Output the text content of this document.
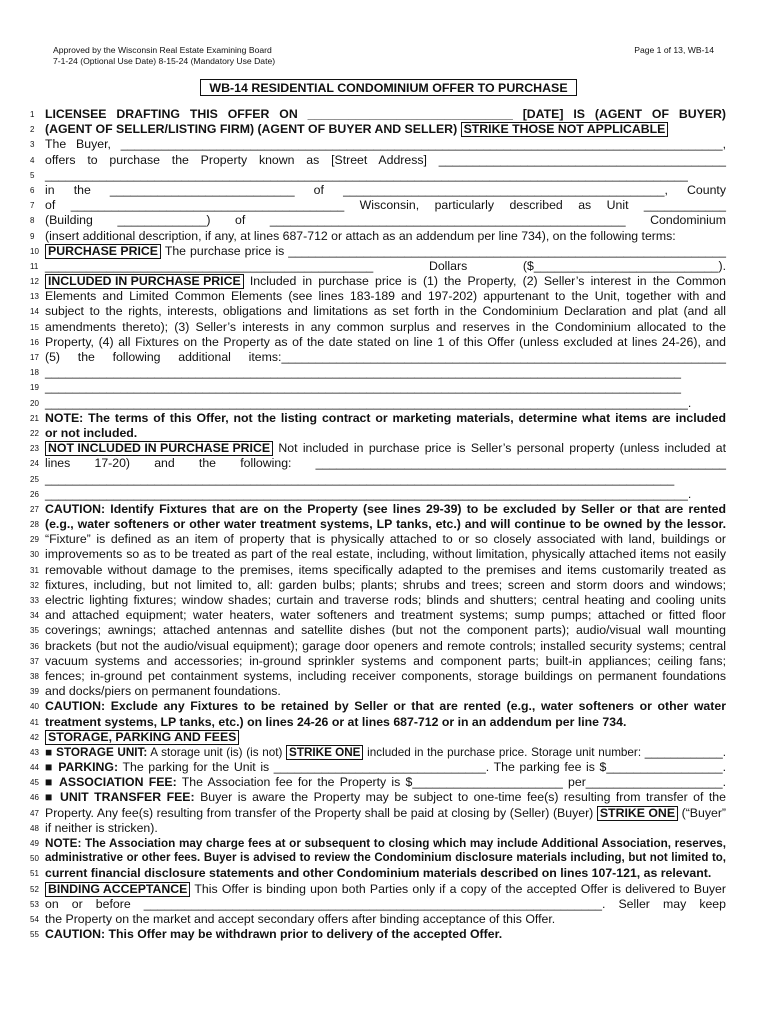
Approved by the Wisconsin Real Estate Examining Board
7-1-24 (Optional Use Date) 8-15-24 (Mandatory Use Date)
Page 1 of 13, WB-14
WB-14 RESIDENTIAL CONDOMINIUM OFFER TO PURCHASE
1 LICENSEE DRAFTING THIS OFFER ON ______________________________ [DATE] IS (AGENT OF BUYER)
2 (AGENT OF SELLER/LISTING FIRM) (AGENT OF BUYER AND SELLER) STRIKE THOSE NOT APPLICABLE
3 The Buyer, ________________________________________________________________________________________,
4 offers to purchase the Property known as [Street Address] __________________________________________
5 ______________________________________________________________________________________________
6 in the ___________________________ of _______________________________________________, County
7 of ________________________________________ Wisconsin, particularly described as Unit ____________
8 (Building _____________) of ____________________________________________________ Condominium
9 (insert additional description, if any, at lines 687-712 or attach as an addendum per line 734), on the following terms:
10 PURCHASE PRICE The purchase price is ________________________________________________________________
11 ________________________________________________ Dollars ($___________________________).
12 INCLUDED IN PURCHASE PRICE Included in purchase price is (1) the Property, (2) Seller’s interest in the Common
13 Elements and Limited Common Elements (see lines 183-189 and 197-202) appurtenant to the Unit, together with and
14 subject to the rights, interests, obligations and limitations as set forth in the Condominium Declaration and plat (and all
15 amendments thereto); (3) Seller’s interests in any common surplus and reserves in the Condominium allocated to the
16 Property, (4) all Fixtures on the Property as of the date stated on line 1 of this Offer (unless excluded at lines 24-26), and
17 (5) the following additional items:_________________________________________________________________
18 _____________________________________________________________________________________________
19 _____________________________________________________________________________________________
20 ______________________________________________________________________________________________.
21 NOTE: The terms of this Offer, not the listing contract or marketing materials, determine what items are included
22 or not included.
23 NOT INCLUDED IN PURCHASE PRICE Not included in purchase price is Seller’s personal property (unless included at
24 lines 17-20) and the following: ____________________________________________________________
25 ____________________________________________________________________________________________
26 ______________________________________________________________________________________________.
27 CAUTION: Identify Fixtures that are on the Property (see lines 29-39) to be excluded by Seller or that are rented
28 (e.g., water softeners or other water treatment systems, LP tanks, etc.) and will continue to be owned by the lessor.
29 “Fixture” is defined as an item of property that is physically attached to or so closely associated with land, buildings or
30 improvements so as to be treated as part of the real estate, including, without limitation, physically attached items not easily
31 removable without damage to the premises, items specifically adapted to the premises and items customarily treated as
32 fixtures, including, but not limited to, all: garden bulbs; plants; shrubs and trees; screen and storm doors and windows;
33 electric lighting fixtures; window shades; curtain and traverse rods; blinds and shutters; central heating and cooling units
34 and attached equipment; water heaters, water softeners and treatment systems; sump pumps; attached or fitted floor
35 coverings; awnings; attached antennas and satellite dishes (but not the component parts); audio/visual wall mounting
36 brackets (but not the audio/visual equipment); garage door openers and remote controls; installed security systems; central
37 vacuum systems and accessories; in-ground sprinkler systems and component parts; built-in appliances; ceiling fans;
38 fences; in-ground pet containment systems, including receiver components, storage buildings on permanent foundations
39 and docks/piers on permanent foundations.
40 CAUTION: Exclude any Fixtures to be retained by Seller or that are rented (e.g., water softeners or other water
41 treatment systems, LP tanks, etc.) on lines 24-26 or at lines 687-712 or in an addendum per line 734.
42 STORAGE, PARKING AND FEES
43 ■ STORAGE UNIT: A storage unit (is) (is not) STRIKE ONE included in the purchase price. Storage unit number: ____________.
44 ■ PARKING: The parking for the Unit is _______________________________. The parking fee is $_________________.
45 ■ ASSOCIATION FEE: The Association fee for the Property is $______________________ per____________________.
46 ■ UNIT TRANSFER FEE: Buyer is aware the Property may be subject to one-time fee(s) resulting from transfer of the
47 Property. Any fee(s) resulting from transfer of the Property shall be paid at closing by (Seller) (Buyer) STRIKE ONE (“Buyer”
48 if neither is stricken).
49 NOTE: The Association may charge fees at or subsequent to closing which may include Additional Association, reserves,
50 administrative or other fees. Buyer is advised to review the Condominium disclosure materials including, but not limited to,
51 current financial disclosure statements and other Condominium materials described on lines 107-121, as relevant.
52 BINDING ACCEPTANCE This Offer is binding upon both Parties only if a copy of the accepted Offer is delivered to Buyer
53 on or before ___________________________________________________________________. Seller may keep
54 the Property on the market and accept secondary offers after binding acceptance of this Offer.
55 CAUTION: This Offer may be withdrawn prior to delivery of the accepted Offer.
